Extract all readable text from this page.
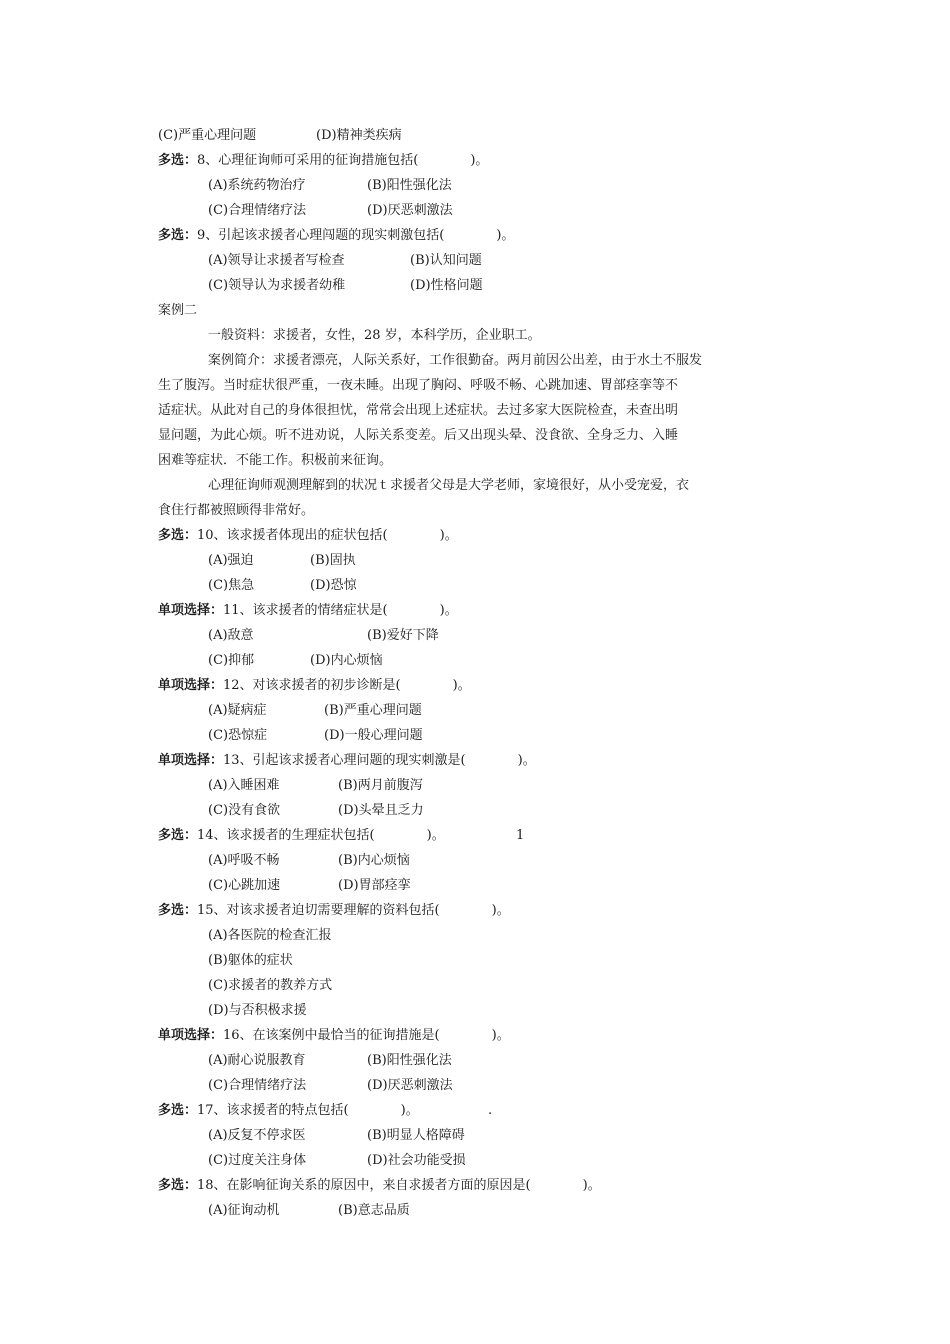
(C)严重心理问题	(D)精神类疾病
多选：8、心理征询师可采用的征询措施包括(　　　　)。
(A)系统药物治疗	(B)阳性强化法
(C)合理情绪疗法	(D)厌恶刺激法
多选：9、引起该求援者心理闯题的现实刺激包括(　　　　)。
(A)领导让求援者写检查	(B)认知问题
(C)领导认为求援者幼稚	(D)性格问题
案例二
一般资料：求援者，女性，28 岁，本科学历，企业职工。
案例简介：求援者漂亮，人际关系好，工作很勤奋。两月前因公出差，由于水土不服发
生了腹泻。当时症状很严重，一夜未睡。出现了胸闷、呼吸不畅、心跳加速、胃部痉挛等不
适症状。从此对自己的身体很担忧，常常会出现上述症状。去过多家大医院检查，未查出明
显问题，为此心烦。听不进劝说，人际关系变差。后又出现头晕、没食欲、全身乏力、入睡
困难等症状．不能工作。积极前来征询。
心理征询师观测理解到的状况ｔ求援者父母是大学老师，家境很好，从小受宠爱，衣
食住行都被照顾得非常好。
多选：10、该求援者体现出的症状包括(　　　　)。
(A)强迫	(B)固执
(C)焦急	(D)恐惊
单项选择：11、该求援者的情绪症状是(　　　　)。
(A)敌意	(B)爱好下降
(C)抑郁	(D)内心烦恼
单项选择：12、对该求援者的初步诊断是(　　　　)。
(A)疑病症	(B)严重心理问题
(C)恐惊症	(D)一般心理问题
单项选择：13、引起该求援者心理问题的现实刺激是(　　　　)。
(A)入睡困难	(B)两月前腹泻
(C)没有食欲	(D)头晕且乏力
多选：14、该求援者的生理症状包括(　　　　)。	1
(A)呼吸不畅	(B)内心烦恼
(C)心跳加速	(D)胃部痉挛
多选：15、对该求援者迫切需要理解的资料包括(　　　　)。
(A)各医院的检查汇报
(B)躯体的症状
(C)求援者的教养方式
(D)与否积极求援
单项选择：16、在该案例中最恰当的征询措施是(　　　　)。
(A)耐心说服教育	(B)阳性强化法
(C)合理情绪疗法	(D)厌恶刺激法
多选：17、该求援者的特点包括(　　　　)。	.
(A)反复不停求医	(B)明显人格障碍
(C)过度关注身体	(D)社会功能受损
多选：18、在影响征询关系的原因中，来自求援者方面的原因是(　　　　)。
(A)征询动机	(B)意志品质
